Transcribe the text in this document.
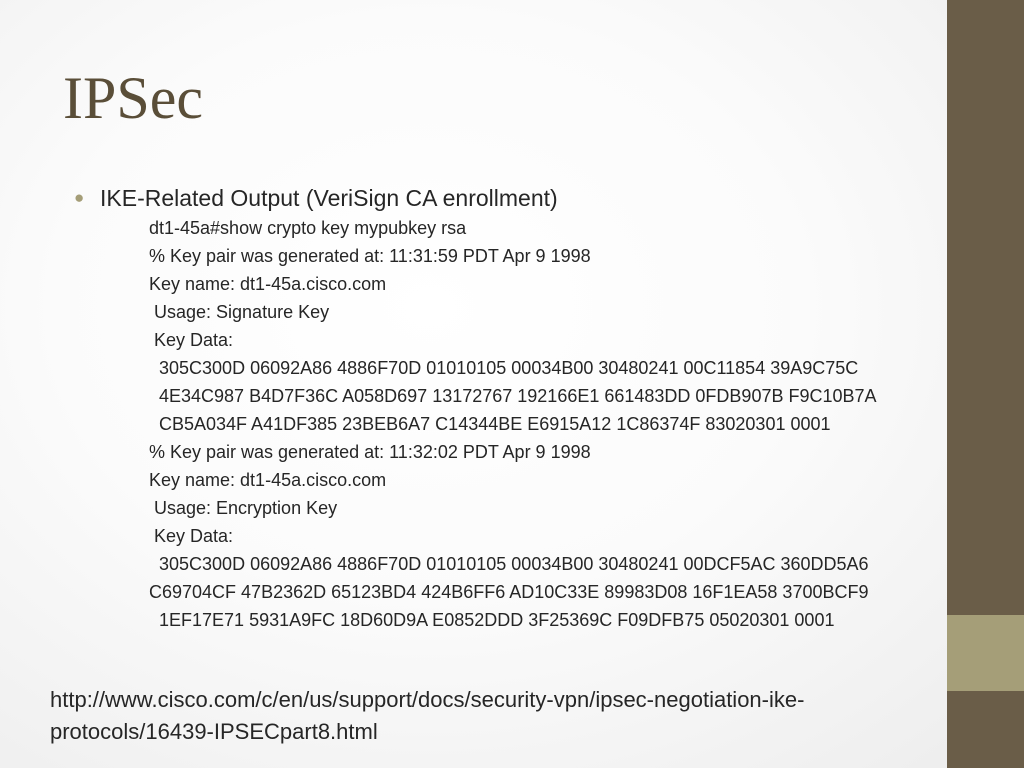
IPSec
● IKE-Related Output (VeriSign CA enrollment)
dt1-45a#show crypto key mypubkey rsa
% Key pair was generated at: 11:31:59 PDT Apr 9 1998
Key name: dt1-45a.cisco.com
Usage: Signature Key
Key Data:
305C300D 06092A86 4886F70D 01010105 00034B00 30480241 00C11854 39A9C75C
4E34C987 B4D7F36C A058D697 13172767 192166E1 661483DD 0FDB907B F9C10B7A
CB5A034F A41DF385 23BEB6A7 C14344BE E6915A12 1C86374F 83020301 0001
% Key pair was generated at: 11:32:02 PDT Apr 9 1998
Key name: dt1-45a.cisco.com
Usage: Encryption Key
Key Data:
305C300D 06092A86 4886F70D 01010105 00034B00 30480241 00DCF5AC 360DD5A6
C69704CF 47B2362D 65123BD4 424B6FF6 AD10C33E 89983D08 16F1EA58 3700BCF9
1EF17E71 5931A9FC 18D60D9A E0852DDD 3F25369C F09DFB75 05020301 0001
http://www.cisco.com/c/en/us/support/docs/security-vpn/ipsec-negotiation-ike-protocols/16439-IPSECpart8.html
